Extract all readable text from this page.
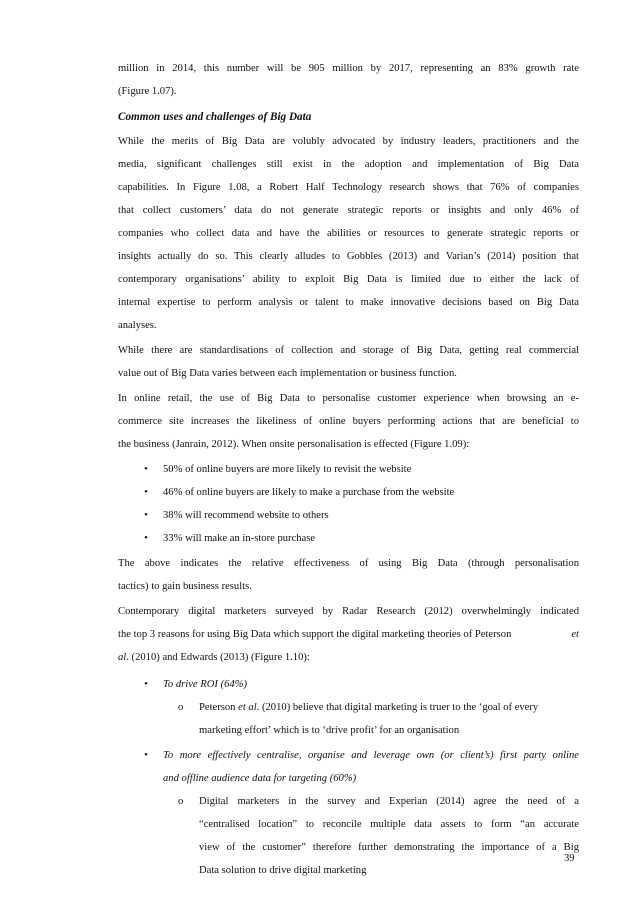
million in 2014, this number will be 905 million by 2017, representing an 83% growth rate
(Figure 1.07).
Common uses and challenges of Big Data
While the merits of Big Data are volubly advocated by industry leaders, practitioners and the
media, significant challenges still exist in the adoption and implementation of Big Data
capabilities. In Figure 1.08, a Robert Half Technology research shows that 76% of companies
that collect customers’ data do not generate strategic reports or insights and only 46% of
companies who collect data and have the abilities or resources to generate strategic reports or
insights actually do so. This clearly alludes to Gobbles (2013) and Varian’s (2014) position that
contemporary organisations’ ability to exploit Big Data is limited due to either the lack of
internal expertise to perform analysis or talent to make innovative decisions based on Big Data
analyses.
While there are standardisations of collection and storage of Big Data, getting real commercial
value out of Big Data varies between each implementation or business function.
In online retail, the use of Big Data to personalise customer experience when browsing an e-
commerce site increases the likeliness of online buyers performing actions that are beneficial to
the business (Janrain, 2012). When onsite personalisation is effected (Figure 1.09):
• 50% of online buyers are more likely to revisit the website
• 46% of online buyers are likely to make a purchase from the website
• 38% will recommend website to others
• 33% will make an in-store purchase
The above indicates the relative effectiveness of using Big Data (through personalisation
tactics) to gain business results.
Contemporary digital marketers surveyed by Radar Research (2012) overwhelmingly indicated
the top 3 reasons for using Big Data which support the digital marketing theories of Peterson	et
al. (2010) and Edwards (2013) (Figure 1.10):
• To drive ROI (64%)
o Peterson et al. (2010) believe that digital marketing is truer to the ‘goal of every
marketing effort’ which is to ‘drive profit’ for an organisation
• To more effectively centralise, organise and leverage own (or client’s) first party online
and offline audience data for targeting (60%)
o Digital marketers in the survey and Experian (2014) agree the need of a
“centralised location” to reconcile multiple data assets to form “an accurate
view of the customer” therefore further demonstrating the importance of a Big
Data solution to drive digital marketing
39
